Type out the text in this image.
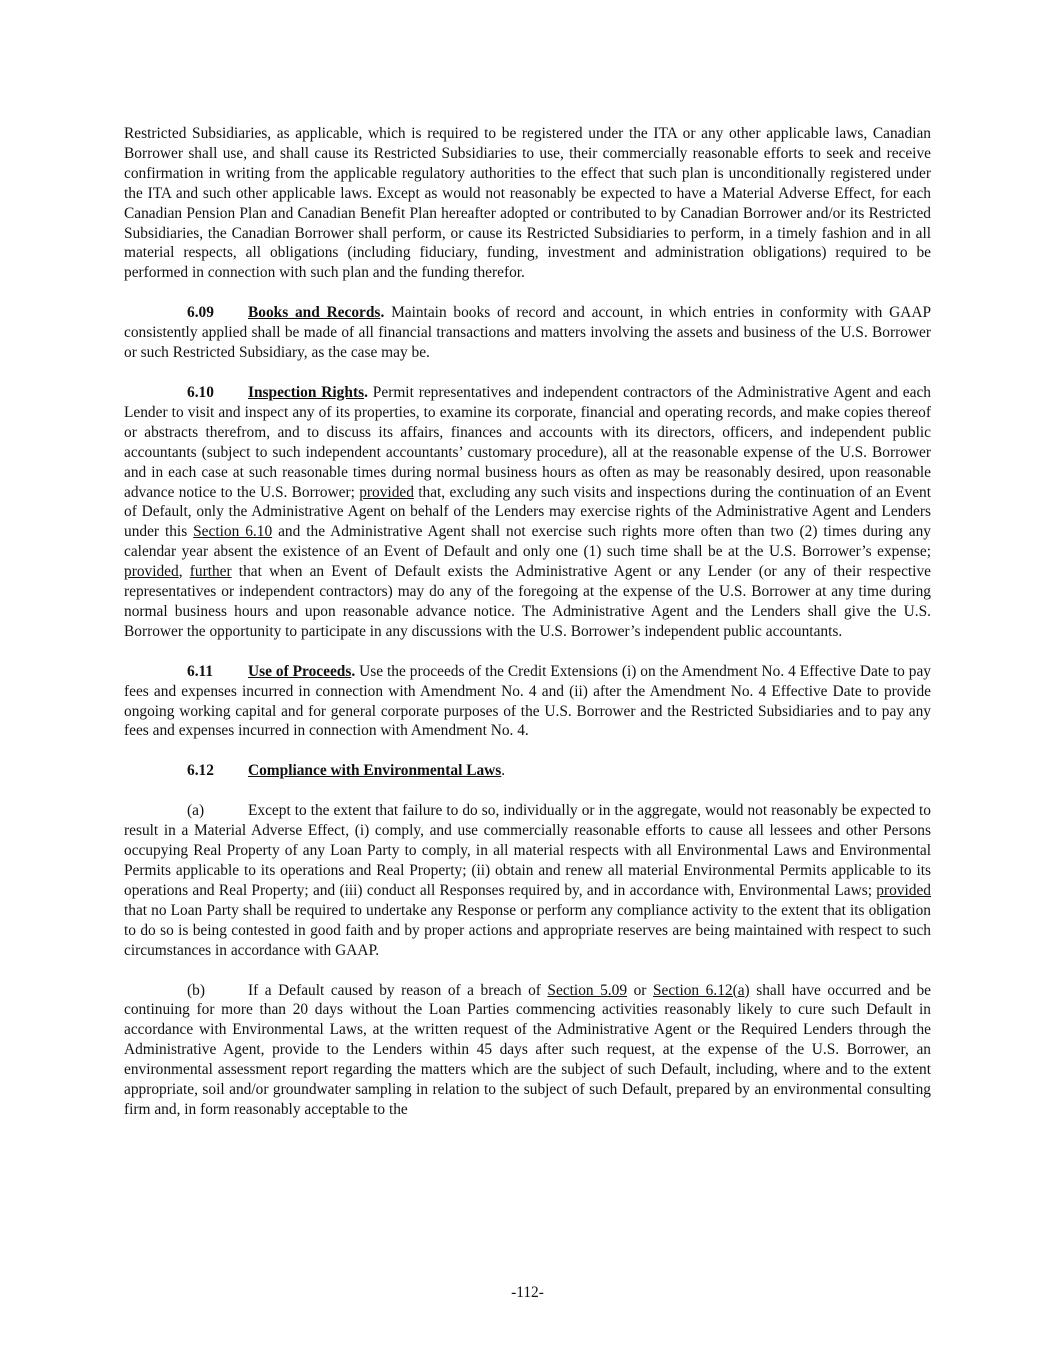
Restricted Subsidiaries, as applicable, which is required to be registered under the ITA or any other applicable laws, Canadian Borrower shall use, and shall cause its Restricted Subsidiaries to use, their commercially reasonable efforts to seek and receive confirmation in writing from the applicable regulatory authorities to the effect that such plan is unconditionally registered under the ITA and such other applicable laws. Except as would not reasonably be expected to have a Material Adverse Effect, for each Canadian Pension Plan and Canadian Benefit Plan hereafter adopted or contributed to by Canadian Borrower and/or its Restricted Subsidiaries, the Canadian Borrower shall perform, or cause its Restricted Subsidiaries to perform, in a timely fashion and in all material respects, all obligations (including fiduciary, funding, investment and administration obligations) required to be performed in connection with such plan and the funding therefor.

6.09 Books and Records. Maintain books of record and account, in which entries in conformity with GAAP consistently applied shall be made of all financial transactions and matters involving the assets and business of the U.S. Borrower or such Restricted Subsidiary, as the case may be.

6.10 Inspection Rights. Permit representatives and independent contractors of the Administrative Agent and each Lender to visit and inspect any of its properties, to examine its corporate, financial and operating records, and make copies thereof or abstracts therefrom, and to discuss its affairs, finances and accounts with its directors, officers, and independent public accountants (subject to such independent accountants’ customary procedure), all at the reasonable expense of the U.S. Borrower and in each case at such reasonable times during normal business hours as often as may be reasonably desired, upon reasonable advance notice to the U.S. Borrower; provided that, excluding any such visits and inspections during the continuation of an Event of Default, only the Administrative Agent on behalf of the Lenders may exercise rights of the Administrative Agent and Lenders under this Section 6.10 and the Administrative Agent shall not exercise such rights more often than two (2) times during any calendar year absent the existence of an Event of Default and only one (1) such time shall be at the U.S. Borrower’s expense; provided, further that when an Event of Default exists the Administrative Agent or any Lender (or any of their respective representatives or independent contractors) may do any of the foregoing at the expense of the U.S. Borrower at any time during normal business hours and upon reasonable advance notice. The Administrative Agent and the Lenders shall give the U.S. Borrower the opportunity to participate in any discussions with the U.S. Borrower’s independent public accountants.

6.11 Use of Proceeds. Use the proceeds of the Credit Extensions (i) on the Amendment No. 4 Effective Date to pay fees and expenses incurred in connection with Amendment No. 4 and (ii) after the Amendment No. 4 Effective Date to provide ongoing working capital and for general corporate purposes of the U.S. Borrower and the Restricted Subsidiaries and to pay any fees and expenses incurred in connection with Amendment No. 4.

6.12 Compliance with Environmental Laws.

(a)	Except to the extent that failure to do so, individually or in the aggregate, would not reasonably be expected to result in a Material Adverse Effect, (i) comply, and use commercially reasonable efforts to cause all lessees and other Persons occupying Real Property of any Loan Party to comply, in all material respects with all Environmental Laws and Environmental Permits applicable to its operations and Real Property; (ii) obtain and renew all material Environmental Permits applicable to its operations and Real Property; and (iii) conduct all Responses required by, and in accordance with, Environmental Laws; provided that no Loan Party shall be required to undertake any Response or perform any compliance activity to the extent that its obligation to do so is being contested in good faith and by proper actions and appropriate reserves are being maintained with respect to such circumstances in accordance with GAAP.

(b)	If a Default caused by reason of a breach of Section 5.09 or Section 6.12(a) shall have occurred and be continuing for more than 20 days without the Loan Parties commencing activities reasonably likely to cure such Default in accordance with Environmental Laws, at the written request of the Administrative Agent or the Required Lenders through the Administrative Agent, provide to the Lenders within 45 days after such request, at the expense of the U.S. Borrower, an environmental assessment report regarding the matters which are the subject of such Default, including, where and to the extent appropriate, soil and/or groundwater sampling in relation to the subject of such Default, prepared by an environmental consulting firm and, in form reasonably acceptable to the

-112-
